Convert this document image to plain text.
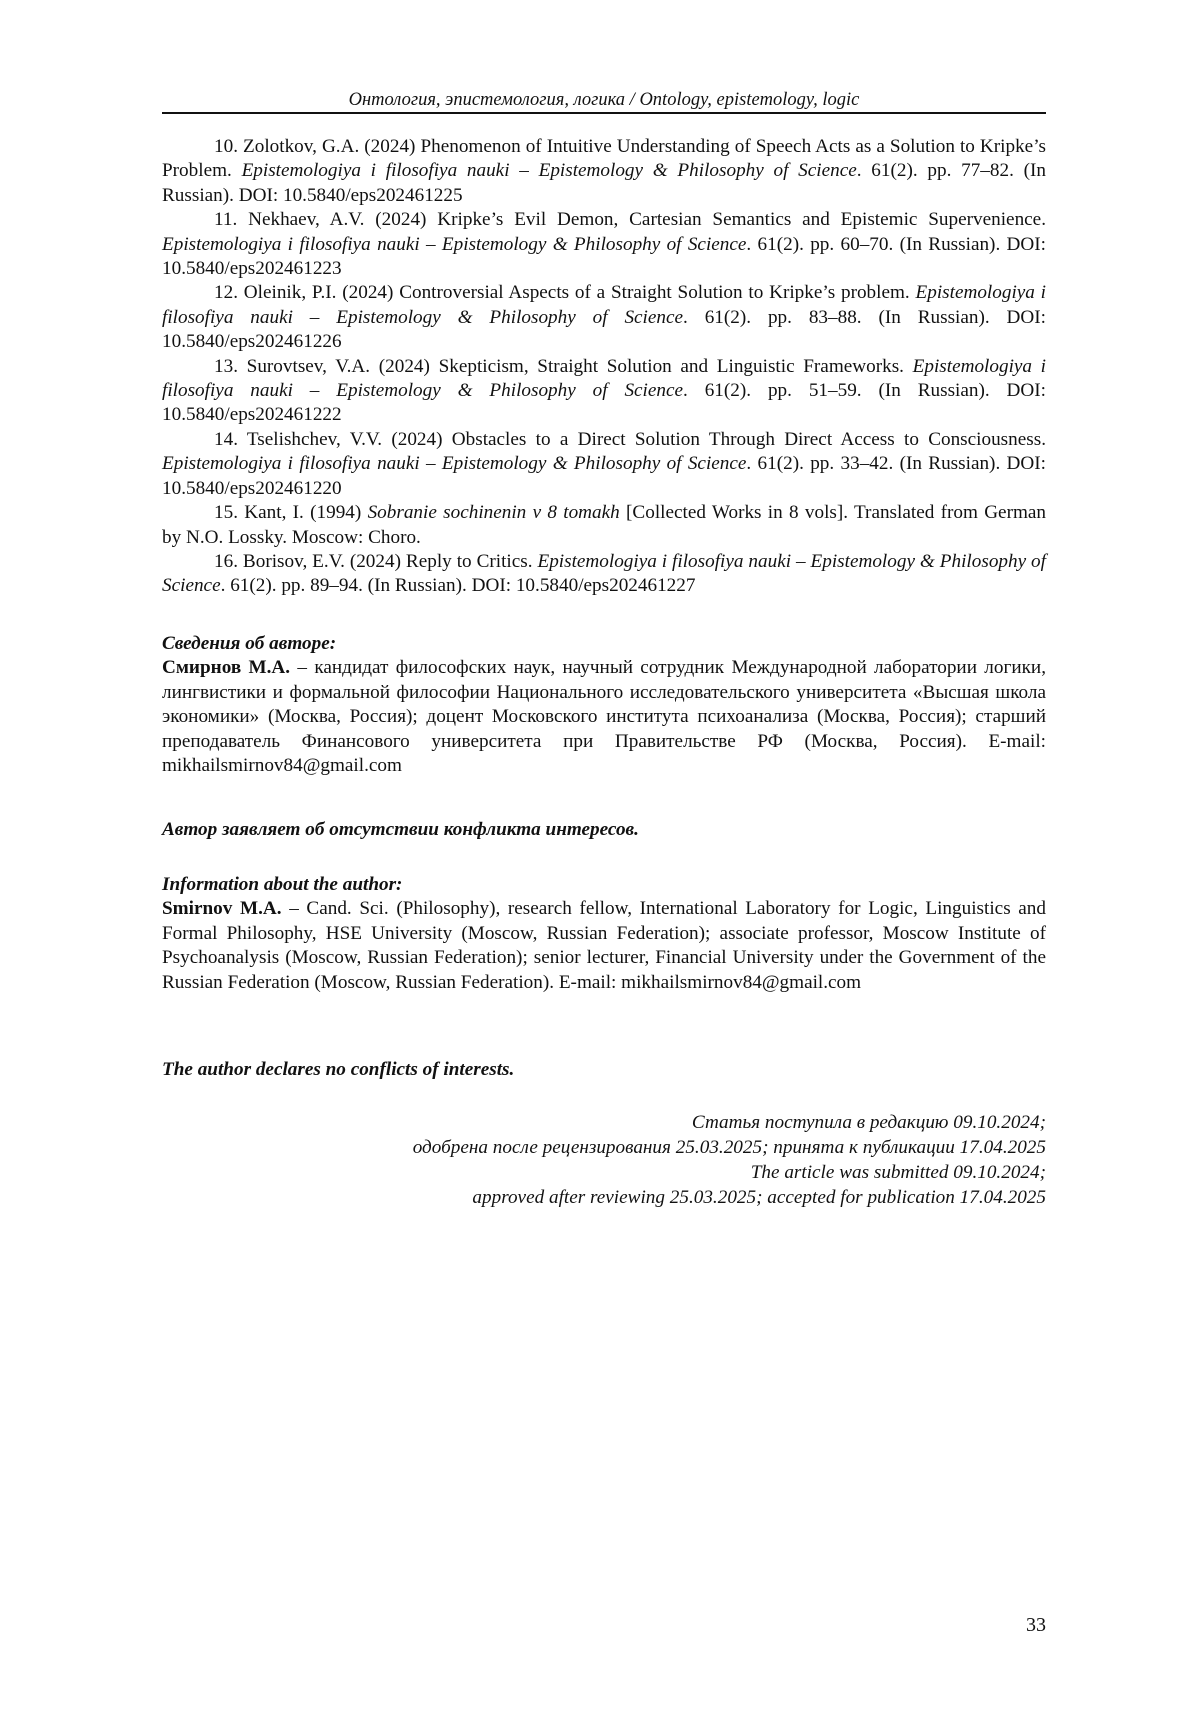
Онтология, эпистемология, логика / Ontology, epistemology, logic

10. Zolotkov, G.A. (2024) Phenomenon of Intuitive Understanding of Speech Acts as a Solution to Kripke’s Problem. Epistemologiya i filosofiya nauki – Epistemology & Philosophy of Science. 61(2). pp. 77–82. (In Russian). DOI: 10.5840/eps202461225

11. Nekhaev, A.V. (2024) Kripke’s Evil Demon, Cartesian Semantics and Epistemic Supervenience. Epistemologiya i filosofiya nauki – Epistemology & Philosophy of Science. 61(2). pp. 60–70. (In Russian). DOI: 10.5840/eps202461223

12. Oleinik, P.I. (2024) Controversial Aspects of a Straight Solution to Kripke’s problem. Epistemologiya i filosofiya nauki – Epistemology & Philosophy of Science. 61(2). pp. 83–88. (In Russian). DOI: 10.5840/eps202461226

13. Surovtsev, V.A. (2024) Skepticism, Straight Solution and Linguistic Frameworks. Epistemologiya i filosofiya nauki – Epistemology & Philosophy of Science. 61(2). pp. 51–59. (In Russian). DOI: 10.5840/eps202461222

14. Tselishchev, V.V. (2024) Obstacles to a Direct Solution Through Direct Access to Consciousness. Epistemologiya i filosofiya nauki – Epistemology & Philosophy of Science. 61(2). pp. 33–42. (In Russian). DOI: 10.5840/eps202461220

15. Kant, I. (1994) Sobranie sochinenin v 8 tomakh [Collected Works in 8 vols]. Translated from German by N.O. Lossky. Moscow: Choro.

16. Borisov, E.V. (2024) Reply to Critics. Epistemologiya i filosofiya nauki – Epistemology & Philosophy of Science. 61(2). pp. 89–94. (In Russian). DOI: 10.5840/eps202461227

Сведения об авторе:

Смирнов М.А. – кандидат философских наук, научный сотрудник Международной лаборатории логики, лингвистики и формальной философии Национального исследовательского университета «Высшая школа экономики» (Москва, Россия); доцент Московского института психоанализа (Москва, Россия); старший преподаватель Финансового университета при Правительстве РФ (Москва, Россия). E-mail: mikhailsmirnov84@gmail.com

Автор заявляет об отсутствии конфликта интересов.

Information about the author:

Smirnov M.A. – Cand. Sci. (Philosophy), research fellow, International Laboratory for Logic, Linguistics and Formal Philosophy, HSE University (Moscow, Russian Federation); associate professor, Moscow Institute of Psychoanalysis (Moscow, Russian Federation); senior lecturer, Financial University under the Government of the Russian Federation (Moscow, Russian Federation). E-mail: mikhailsmirnov84@gmail.com

The author declares no conflicts of interests.

Статья поступила в редакцию 09.10.2024;

одобрена после рецензирования 25.03.2025; принята к публикации 17.04.2025

The article was submitted 09.10.2024;

approved after reviewing 25.03.2025; accepted for publication 17.04.2025

33
